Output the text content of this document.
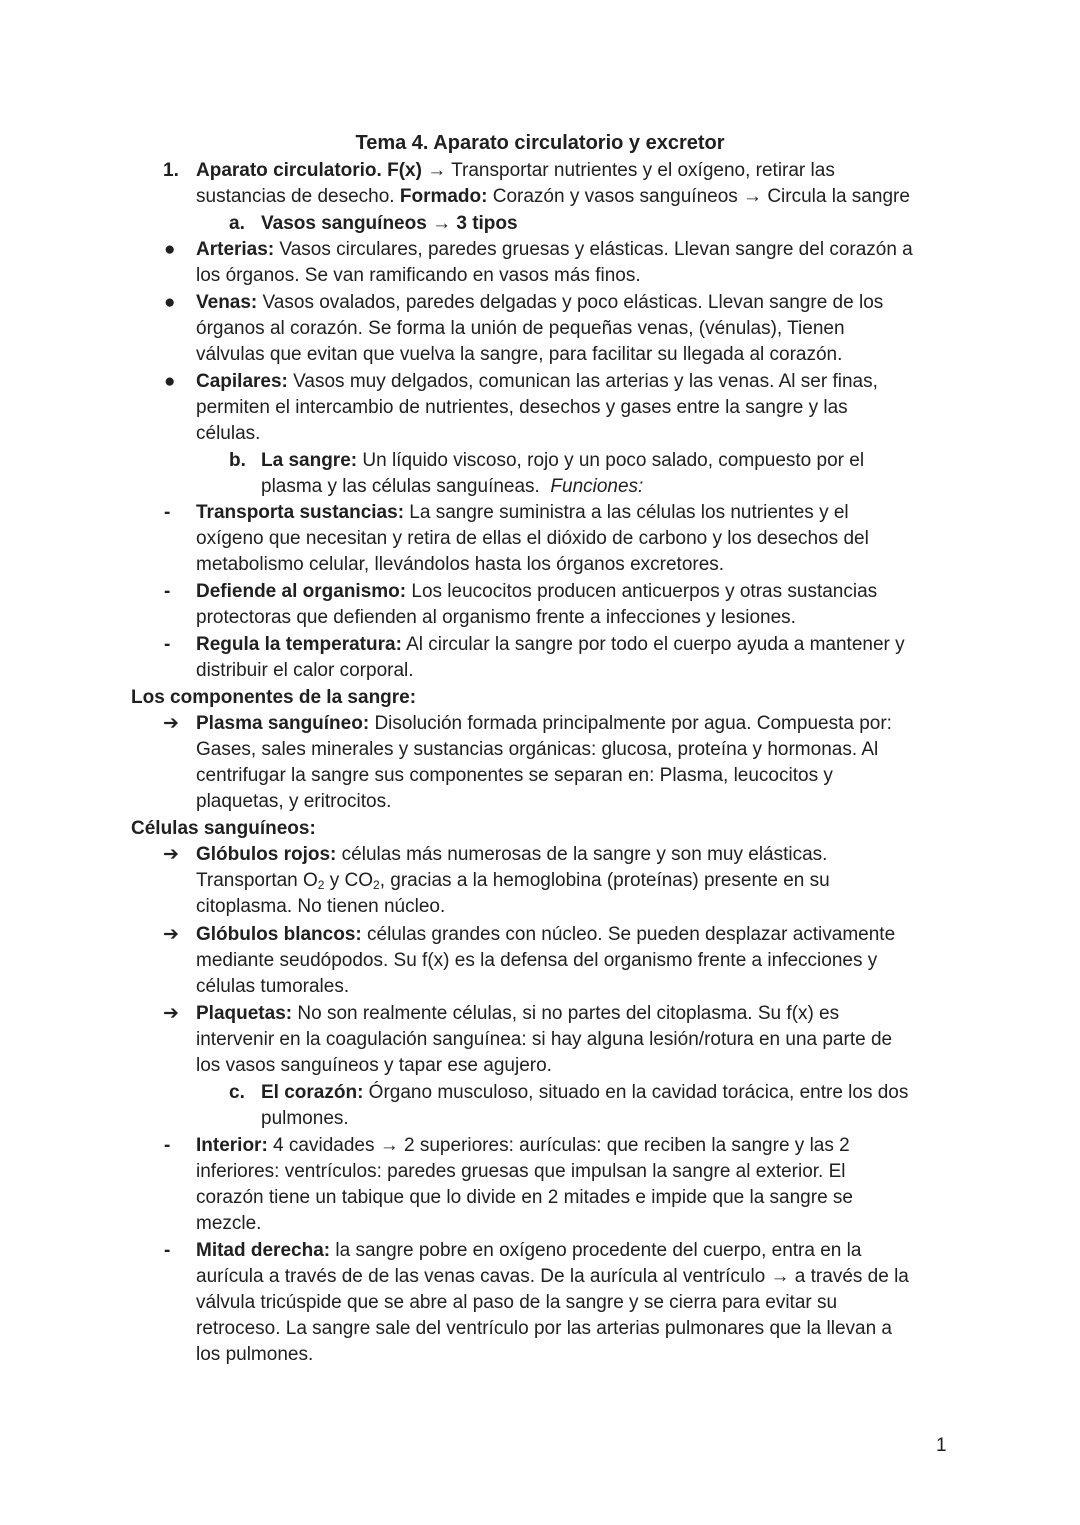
Tema 4. Aparato circulatorio y excretor
1. Aparato circulatorio. F(x) → Transportar nutrientes y el oxígeno, retirar las
sustancias de desecho. Formado: Corazón y vasos sanguíneos → Circula la sangre
a. Vasos sanguíneos → 3 tipos
● Arterias: Vasos circulares, paredes gruesas y elásticas. Llevan sangre del corazón a
los órganos. Se van ramificando en vasos más finos.
● Venas: Vasos ovalados, paredes delgadas y poco elásticas. Llevan sangre de los
órganos al corazón. Se forma la unión de pequeñas venas, (vénulas), Tienen
válvulas que evitan que vuelva la sangre, para facilitar su llegada al corazón.
● Capilares: Vasos muy delgados, comunican las arterias y las venas. Al ser finas,
permiten el intercambio de nutrientes, desechos y gases entre la sangre y las
células.
b. La sangre: Un líquido viscoso, rojo y un poco salado, compuesto por el
plasma y las células sanguíneas.  Funciones:
- Transporta sustancias: La sangre suministra a las células los nutrientes y el
oxígeno que necesitan y retira de ellas el dióxido de carbono y los desechos del
metabolismo celular, llevándolos hasta los órganos excretores.
- Defiende al organismo: Los leucocitos producen anticuerpos y otras sustancias
protectoras que defienden al organismo frente a infecciones y lesiones.
- Regula la temperatura: Al circular la sangre por todo el cuerpo ayuda a mantener y
distribuir el calor corporal.
Los componentes de la sangre:
➔ Plasma sanguíneo: Disolución formada principalmente por agua. Compuesta por:
Gases, sales minerales y sustancias orgánicas: glucosa, proteína y hormonas. Al
centrifugar la sangre sus componentes se separan en: Plasma, leucocitos y
plaquetas, y eritrocitos.
Células sanguíneos:
➔ Glóbulos rojos: células más numerosas de la sangre y son muy elásticas.
Transportan $O_2$ y $CO_2$, gracias a la hemoglobina (proteínas) presente en su
citoplasma. No tienen núcleo.
➔ Glóbulos blancos: células grandes con núcleo. Se pueden desplazar activamente
mediante seudópodos. Su f(x) es la defensa del organismo frente a infecciones y
células tumorales.
➔ Plaquetas: No son realmente células, si no partes del citoplasma. Su f(x) es
intervenir en la coagulación sanguínea: si hay alguna lesión/rotura en una parte de
los vasos sanguíneos y tapar ese agujero.
c. El corazón: Órgano musculoso, situado en la cavidad torácica, entre los dos
pulmones.
- Interior: 4 cavidades → 2 superiores: aurículas: que reciben la sangre y las 2
inferiores: ventrículos: paredes gruesas que impulsan la sangre al exterior. El
corazón tiene un tabique que lo divide en 2 mitades e impide que la sangre se
mezcle.
- Mitad derecha: la sangre pobre en oxígeno procedente del cuerpo, entra en la
aurícula a través de de las venas cavas. De la aurícula al ventrículo → a través de la
válvula tricúspide que se abre al paso de la sangre y se cierra para evitar su
retroceso. La sangre sale del ventrículo por las arterias pulmonares que la llevan a
los pulmones.
1
